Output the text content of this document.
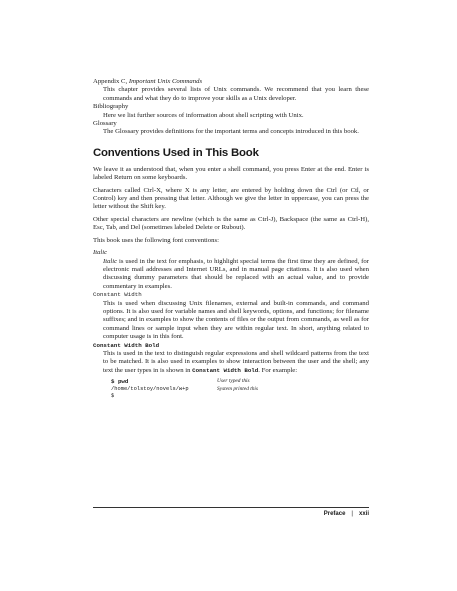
Appendix C, Important Unix Commands

This chapter provides several lists of Unix commands. We recommend that you learn these commands and what they do to improve your skills as a Unix developer.

Bibliography

Here we list further sources of information about shell scripting with Unix.

Glossary

The Glossary provides definitions for the important terms and concepts introduced in this book.

Conventions Used in This Book

We leave it as understood that, when you enter a shell command, you press Enter at the end. Enter is labeled Return on some keyboards.

Characters called Ctrl-X, where X is any letter, are entered by holding down the Ctrl (or Ctl, or Control) key and then pressing that letter. Although we give the letter in uppercase, you can press the letter without the Shift key.

Other special characters are newline (which is the same as Ctrl-J), Backspace (the same as Ctrl-H), Esc, Tab, and Del (sometimes labeled Delete or Rubout).

This book uses the following font conventions:

Italic

Italic is used in the text for emphasis, to highlight special terms the first time they are defined, for electronic mail addresses and Internet URLs, and in manual page citations. It is also used when discussing dummy parameters that should be replaced with an actual value, and to provide commentary in examples.

Constant Width

This is used when discussing Unix filenames, external and built-in commands, and command options. It is also used for variable names and shell keywords, options, and functions; for filename suffixes; and in examples to show the contents of files or the output from commands, as well as for command lines or sample input when they are within regular text. In short, anything related to computer usage is in this font.

Constant Width Bold

This is used in the text to distinguish regular expressions and shell wildcard patterns from the text to be matched. It is also used in examples to show interaction between the user and the shell; any text the user types in is shown in Constant Width Bold. For example:

$ pwd
/home/tolstoy/novels/w+p
$
User typed this
System printed this
Preface | xxii
